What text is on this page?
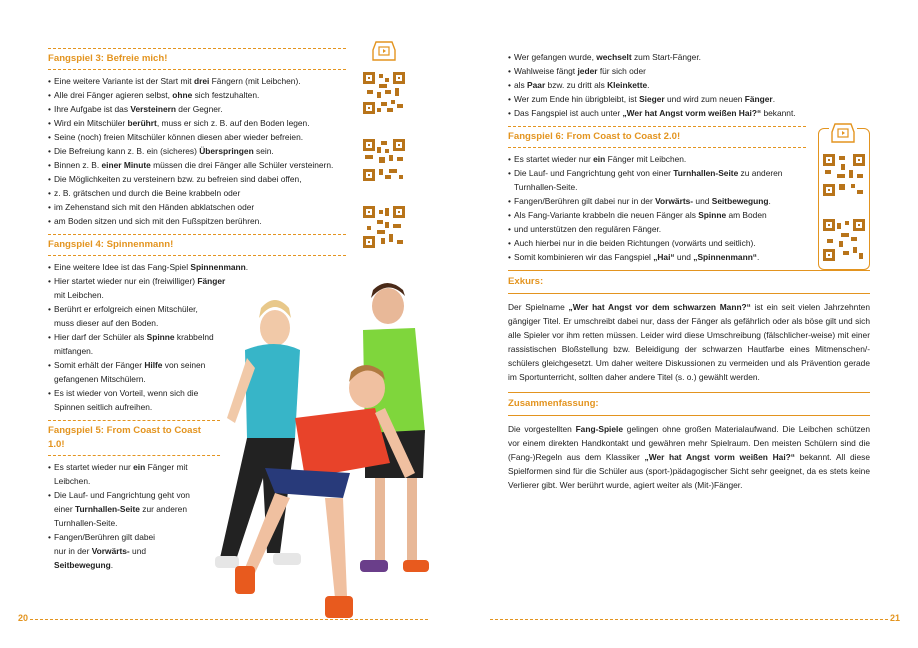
Fangspiel 3: Befreie mich!
• Eine weitere Variante ist der Start mit drei Fängern (mit Leibchen).
• Alle drei Fänger agieren selbst, ohne sich festzuhalten.
• Ihre Aufgabe ist das Versteinern der Gegner.
• Wird ein Mitschüler berührt, muss er sich z. B. auf den Boden legen.
• Seine (noch) freien Mitschüler können diesen aber wieder befreien.
• Die Befreiung kann z. B. ein (sicheres) Überspringen sein.
• Binnen z. B. einer Minute müssen die drei Fänger alle Schüler versteinern.
• Die Möglichkeiten zu versteinern bzw. zu befreien sind dabei offen,
• z. B. grätschen und durch die Beine krabbeln oder
• im Zehenstand sich mit den Händen abklatschen oder
• am Boden sitzen und sich mit den Fußspitzen berühren.
Fangspiel 4: Spinnenmann!
• Eine weitere Idee ist das Fang-Spiel Spinnenmann.
• Hier startet wieder nur ein (freiwilliger) Fänger
mit Leibchen.
• Berührt er erfolgreich einen Mitschüler,
muss dieser auf den Boden.
• Hier darf der Schüler als Spinne krabbelnd
mitfangen.
• Somit erhält der Fänger Hilfe von seinen
gefangenen Mitschülern.
• Es ist wieder von Vorteil, wenn sich die
Spinnen seitlich aufreihen.
Fangspiel 5: From Coast to Coast 1.0!
• Es startet wieder nur ein Fänger mit
Leibchen.
• Die Lauf- und Fangrichtung geht von
einer Turnhallen-Seite zur anderen
Turnhallen-Seite.
• Fangen/Berühren gilt dabei
nur in der Vorwärts- und
Seitbewegung.
20
• Wer gefangen wurde, wechselt zum Start-Fänger.
• Wahlweise fängt jeder für sich oder
• als Paar bzw. zu dritt als Kleinkette.
• Wer zum Ende hin übrigbleibt, ist Sieger und wird zum neuen Fänger.
• Das Fangspiel ist auch unter „Wer hat Angst vorm weißen Hai?“ bekannt.
Fangspiel 6: From Coast to Coast 2.0!
• Es startet wieder nur ein Fänger mit Leibchen.
• Die Lauf- und Fangrichtung geht von einer Turnhallen-Seite zu anderen
Turnhallen-Seite.
• Fangen/Berühren gilt dabei nur in der Vorwärts- und Seitbewegung.
• Als Fang-Variante krabbeln die neuen Fänger als Spinne am Boden
• und unterstützen den regulären Fänger.
• Auch hierbei nur in die beiden Richtungen (vorwärts und seitlich).
• Somit kombinieren wir das Fangspiel „Hai“ und „Spinnenmann“.
Exkurs:

Der Spielname „Wer hat Angst vor dem schwarzen Mann?“ ist ein seit vielen Jahrzehnten gängiger Titel. Er umschreibt dabei nur, dass der Fänger als gefährlich oder als böse gilt und sich alle Spieler vor ihm retten müssen. Leider wird diese Umschreibung (fälschlicher-weise) mit einer rassistischen Bloßstellung bzw. Beleidigung der schwarzen Hautfarbe eines Mitmenschen/-schülers gleichgesetzt. Um daher weitere Diskussionen zu vermeiden und als Prävention gerade im Sportunterricht, sollten daher andere Titel (s. o.) gewählt werden.

Zusammenfassung:

Die vorgestellten Fang-Spiele gelingen ohne großen Materialaufwand. Die Leibchen schützen vor einem direkten Handkontakt und gewähren mehr Spielraum. Den meisten Schülern sind die (Fang-)Regeln aus dem Klassiker „Wer hat Angst vorm weißen Hai?“ bekannt. All diese Spielformen sind für die Schüler aus (sport-)pädagogischer Sicht sehr geeignet, da es stets keine Verlierer gibt. Wer berührt wurde, agiert weiter als (Mit-)Fänger.

21
